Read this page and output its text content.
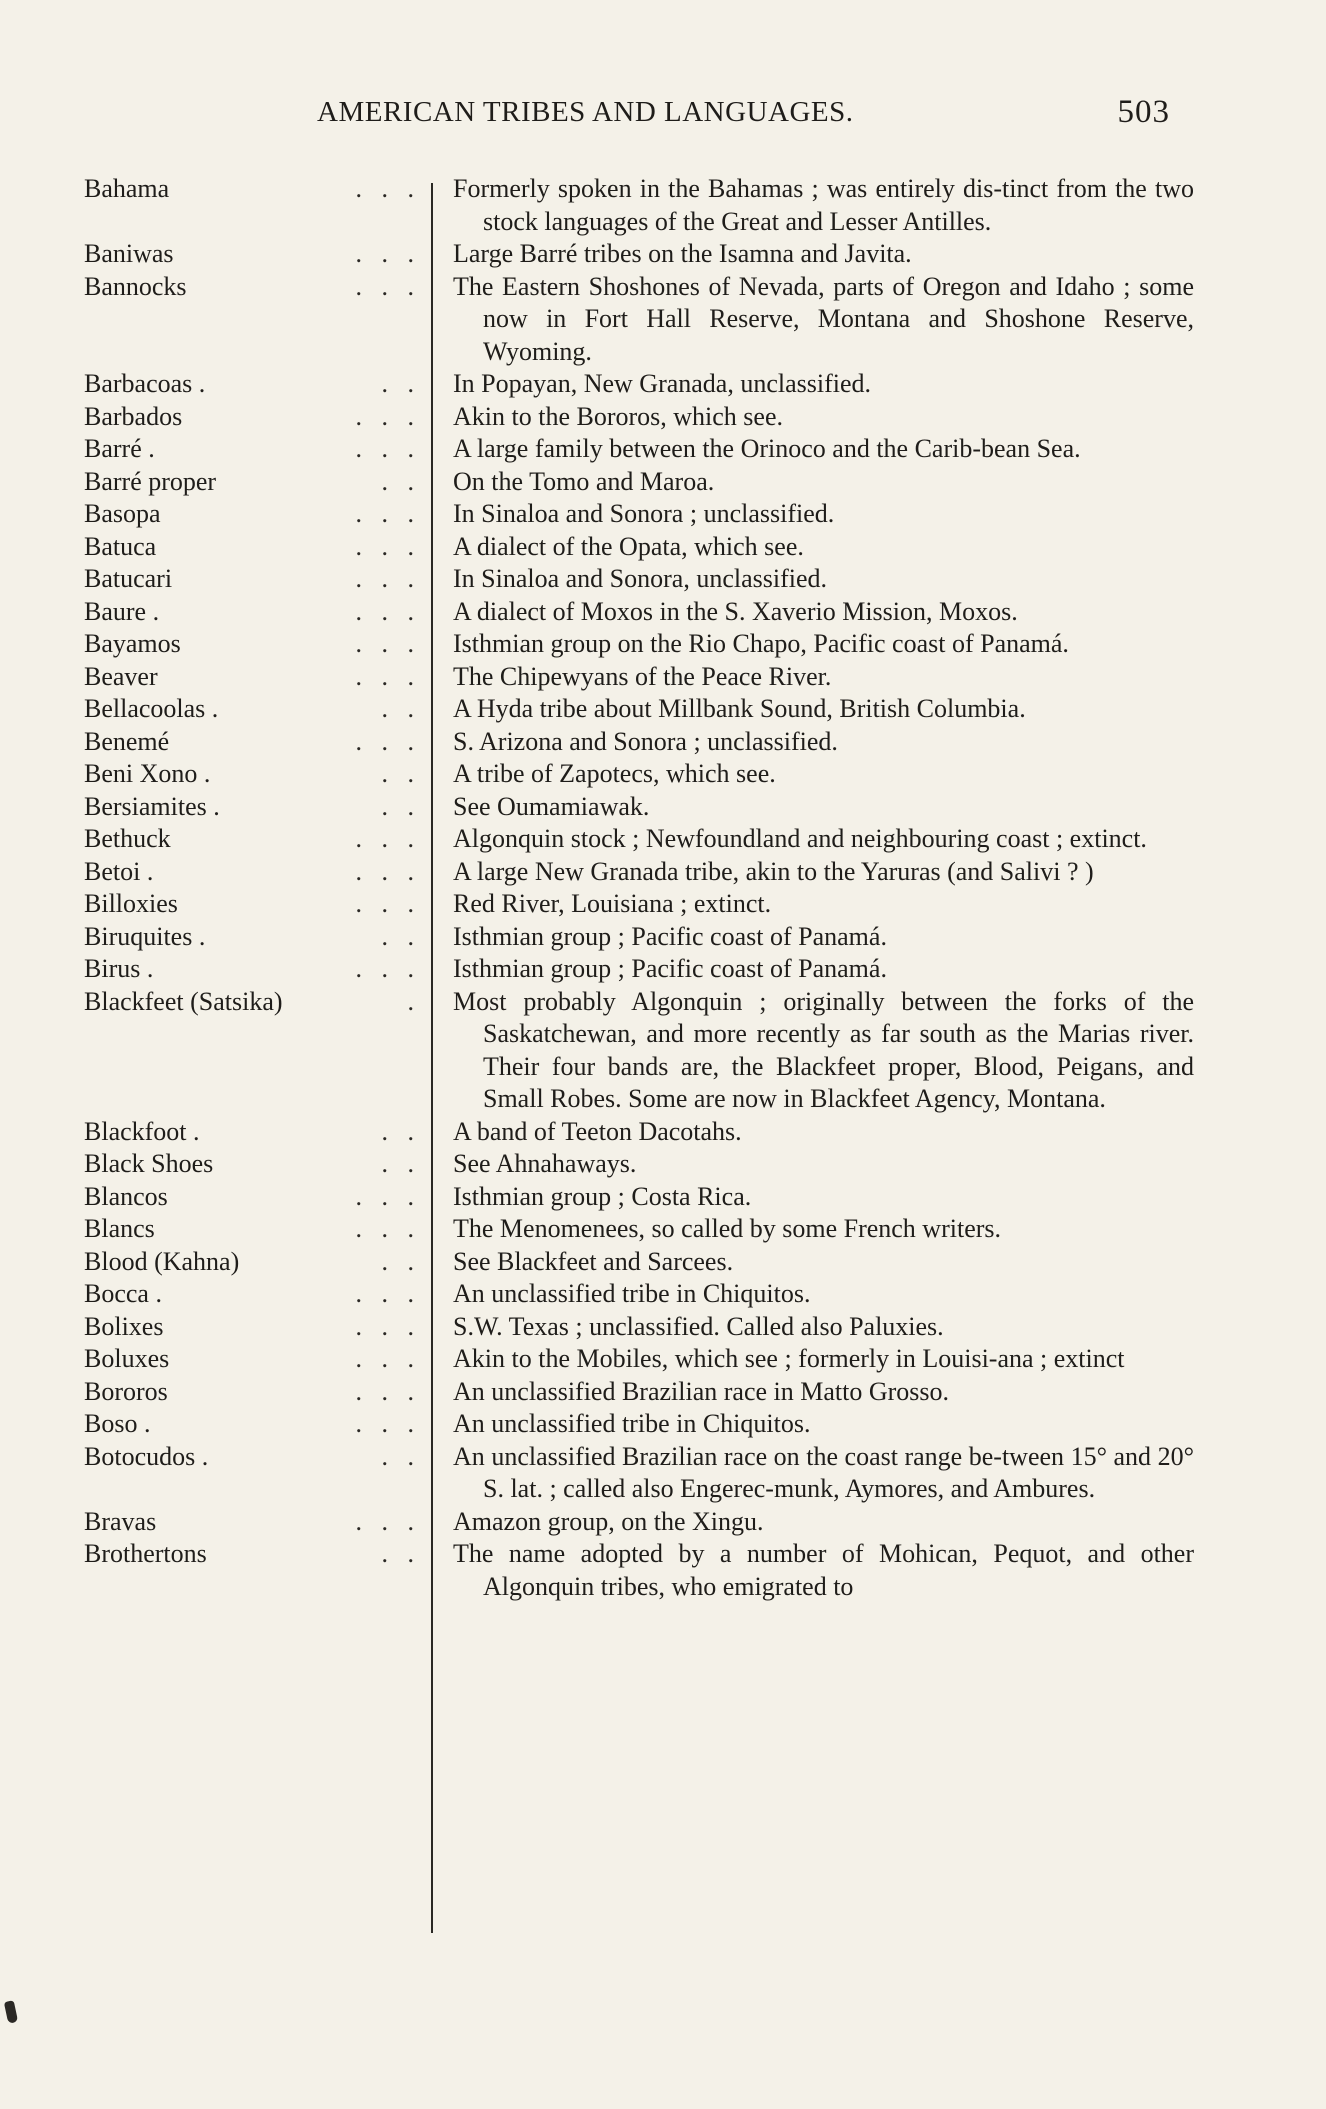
AMERICAN TRIBES AND LANGUAGES.	503
Bahama	.   .   . Formerly spoken in the Bahamas ; was entirely dis-tinct from the two stock languages of the Great and Lesser Antilles.
Baniwas	.   .   . Large Barré tribes on the Isamna and Javita.
Bannocks	.   .   . The Eastern Shoshones of Nevada, parts of Oregon and Idaho ; some now in Fort Hall Reserve, Montana and Shoshone Reserve, Wyoming.
Barbacoas .	.   . In Popayan, New Granada, unclassified.
Barbados	.   .   . Akin to the Bororos, which see.
Barré .	.   .   . A large family between the Orinoco and the Carib-bean Sea.
Barré proper	.   . On the Tomo and Maroa.
Basopa	.   .   . In Sinaloa and Sonora ; unclassified.
Batuca	.   .   . A dialect of the Opata, which see.
Batucari	.   .   . In Sinaloa and Sonora, unclassified.
Baure .	.   .   . A dialect of Moxos in the S. Xaverio Mission, Moxos.
Bayamos	.   .   . Isthmian group on the Rio Chapo, Pacific coast of Panamá.
Beaver	.   .   . The Chipewyans of the Peace River.
Bellacoolas .	.   . A Hyda tribe about Millbank Sound, British Columbia.
Benemé	.   .   . S. Arizona and Sonora ; unclassified.
Beni Xono .	.   . A tribe of Zapotecs, which see.
Bersiamites .	.   . See Oumamiawak.
Bethuck	.   .   . Algonquin stock ; Newfoundland and neighbouring coast ; extinct.
Betoi .	.   .   . A large New Granada tribe, akin to the Yaruras (and Salivi ? )
Billoxies	.   .   . Red River, Louisiana ; extinct.
Biruquites .	.   . Isthmian group ; Pacific coast of Panamá.
Birus .	.   .   . Isthmian group ; Pacific coast of Panamá.
Blackfeet (Satsika)	. Most probably Algonquin ; originally between the forks of the Saskatchewan, and more recently as far south as the Marias river. Their four bands are, the Blackfeet proper, Blood, Peigans, and Small Robes. Some are now in Blackfeet Agency, Montana.
Blackfoot .	.   . A band of Teeton Dacotahs.
Black Shoes	.   . See Ahnahaways.
Blancos	.   .   . Isthmian group ; Costa Rica.
Blancs	.   .   . The Menomenees, so called by some French writers.
Blood (Kahna)	.   . See Blackfeet and Sarcees.
Bocca .	.   .   . An unclassified tribe in Chiquitos.
Bolixes	.   .   . S.W. Texas ; unclassified. Called also Paluxies.
Boluxes	.   .   . Akin to the Mobiles, which see ; formerly in Louisi-ana ; extinct
Bororos	.   .   . An unclassified Brazilian race in Matto Grosso.
Boso .	.   .   . An unclassified tribe in Chiquitos.
Botocudos .	.   . An unclassified Brazilian race on the coast range be-tween 15° and 20° S. lat. ; called also Engerec-munk, Aymores, and Ambures.
Bravas	.   .   . Amazon group, on the Xingu.
Brothertons	.   . The name adopted by a number of Mohican, Pequot, and other Algonquin tribes, who emigrated to
